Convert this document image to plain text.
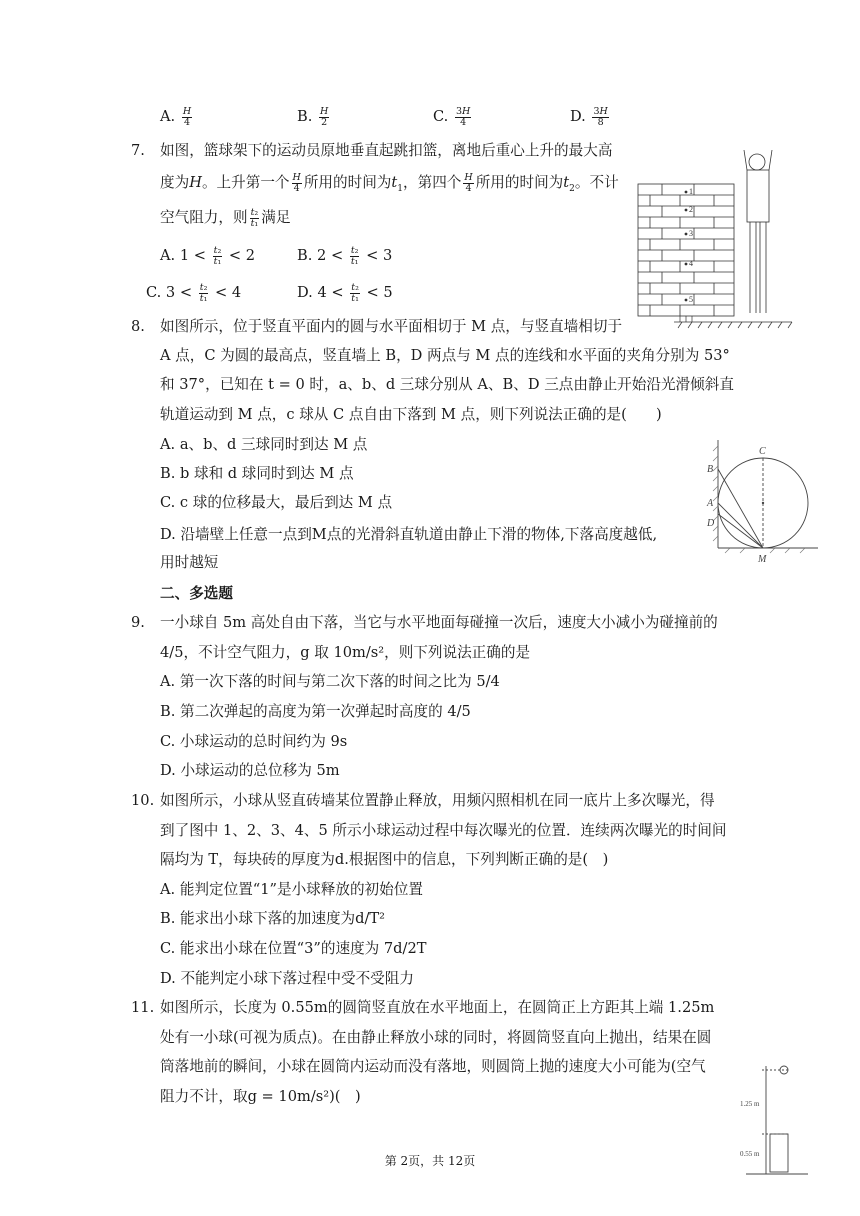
A. $\frac{H}{4}$	B. $\frac{H}{2}$	C. $\frac{3H}{4}$	D. $\frac{3H}{8}$
7. 如图，篮球架下的运动员原地垂直起跳扣篮，离地后重心上升的最大高
度为H。上升第一个 $\frac{H}{4}$ 所用的时间为$t_1$，第四个 $\frac{H}{4}$ 所用的时间为$t_2$。不计
空气阻力，则 $\frac{\text{t₂}}{\text{t₁}}$ 满足
A. $1 < \frac{\text{t₂}}{\text{t₁}} < 2$	B. $2 < \frac{\text{t₂}}{\text{t₁}} < 3$
C. $3 < \frac{\text{t₂}}{\text{t₁}} < 4$	D. $4 < \frac{\text{t₂}}{\text{t₁}} < 5$
1
2
3
4
5
8. 如图所示，位于竖直平面内的圆与水平面相切于 M 点，与竖直墙相切于
A 点，C 为圆的最高点，竖直墙上 B，D 两点与 M 点的连线和水平面的夹角分别为 53°
和 37°，已知在 t = 0 时，a、b、d 三球分别从 A、B、D 三点由静止开始沿光滑倾斜直
轨道运动到 M 点，c 球从 C 点自由下落到 M 点，则下列说法正确的是(　　)
A. a、b、d 三球同时到达 M 点
B. b 球和 d 球同时到达 M 点
C. c 球的位移最大，最后到达 M 点
D. 沿墙壁上任意一点到M点的光滑斜直轨道由静止下滑的物体,下落高度越低,
用时越短
C
B
A
D
M
二、多选题
9. 一小球自 5m 高处自由下落，当它与水平地面每碰撞一次后，速度大小减小为碰撞前的
4/5，不计空气阻力，g 取 10m/s²，则下列说法正确的是
A. 第一次下落的时间与第二次下落的时间之比为 5/4
B. 第二次弹起的高度为第一次弹起时高度的 4/5
C. 小球运动的总时间约为 9s
D. 小球运动的总位移为 5m
10. 如图所示，小球从竖直砖墙某位置静止释放，用频闪照相机在同一底片上多次曝光，得
到了图中 1、2、3、4、5 所示小球运动过程中每次曝光的位置．连续两次曝光的时间间
隔均为 T，每块砖的厚度为d.根据图中的信息，下列判断正确的是(　)
A. 能判定位置“1”是小球释放的初始位置
B. 能求出小球下落的加速度为d/T²
C. 能求出小球在位置“3”的速度为 7d/2T
D. 不能判定小球下落过程中受不受阻力
11. 如图所示，长度为 0.55m的圆筒竖直放在水平地面上，在圆筒正上方距其上端 1.25m
处有一小球(可视为质点)。在由静止释放小球的同时，将圆筒竖直向上抛出，结果在圆
筒落地前的瞬间，小球在圆筒内运动而没有落地，则圆筒上抛的速度大小可能为(空气
阻力不计，取g = 10m/s²)(　)	1.25 m
0.55 m
第 2页，共 12页
